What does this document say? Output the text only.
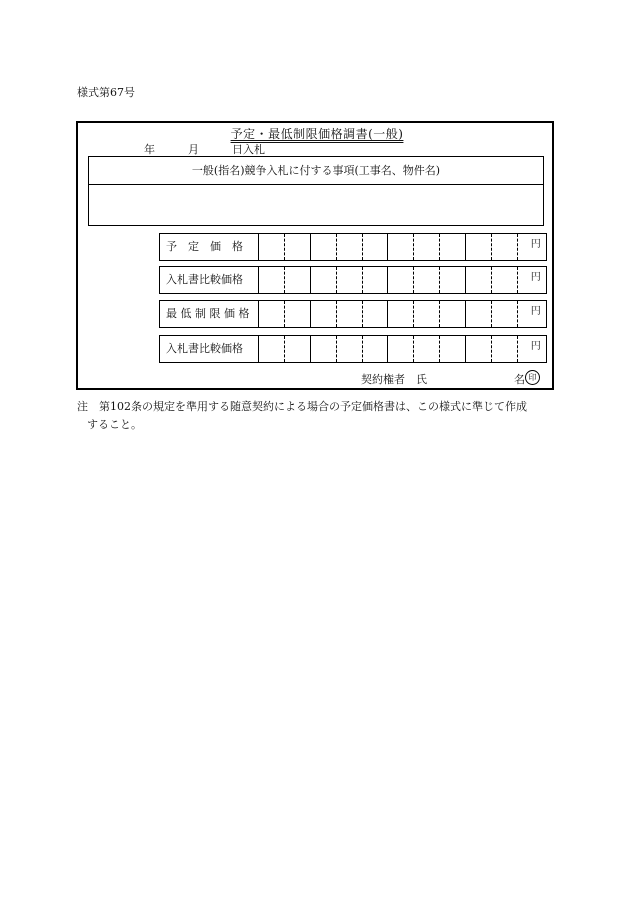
様式第67号
予定・最低制限価格調書(一般)
年　　　	月　　　	日入札
一般(指名)競争入札に付する事項(工事名、物件名)
予　定　価　格	円
入札書比較価格	円
最 低 制 限 価 格	円
入札書比較価格	円
契約権者　 氏	名 印
注	第102条の規定を準用する随意契約による場合の予定価格書は、この様式に準じて作成
すること。
